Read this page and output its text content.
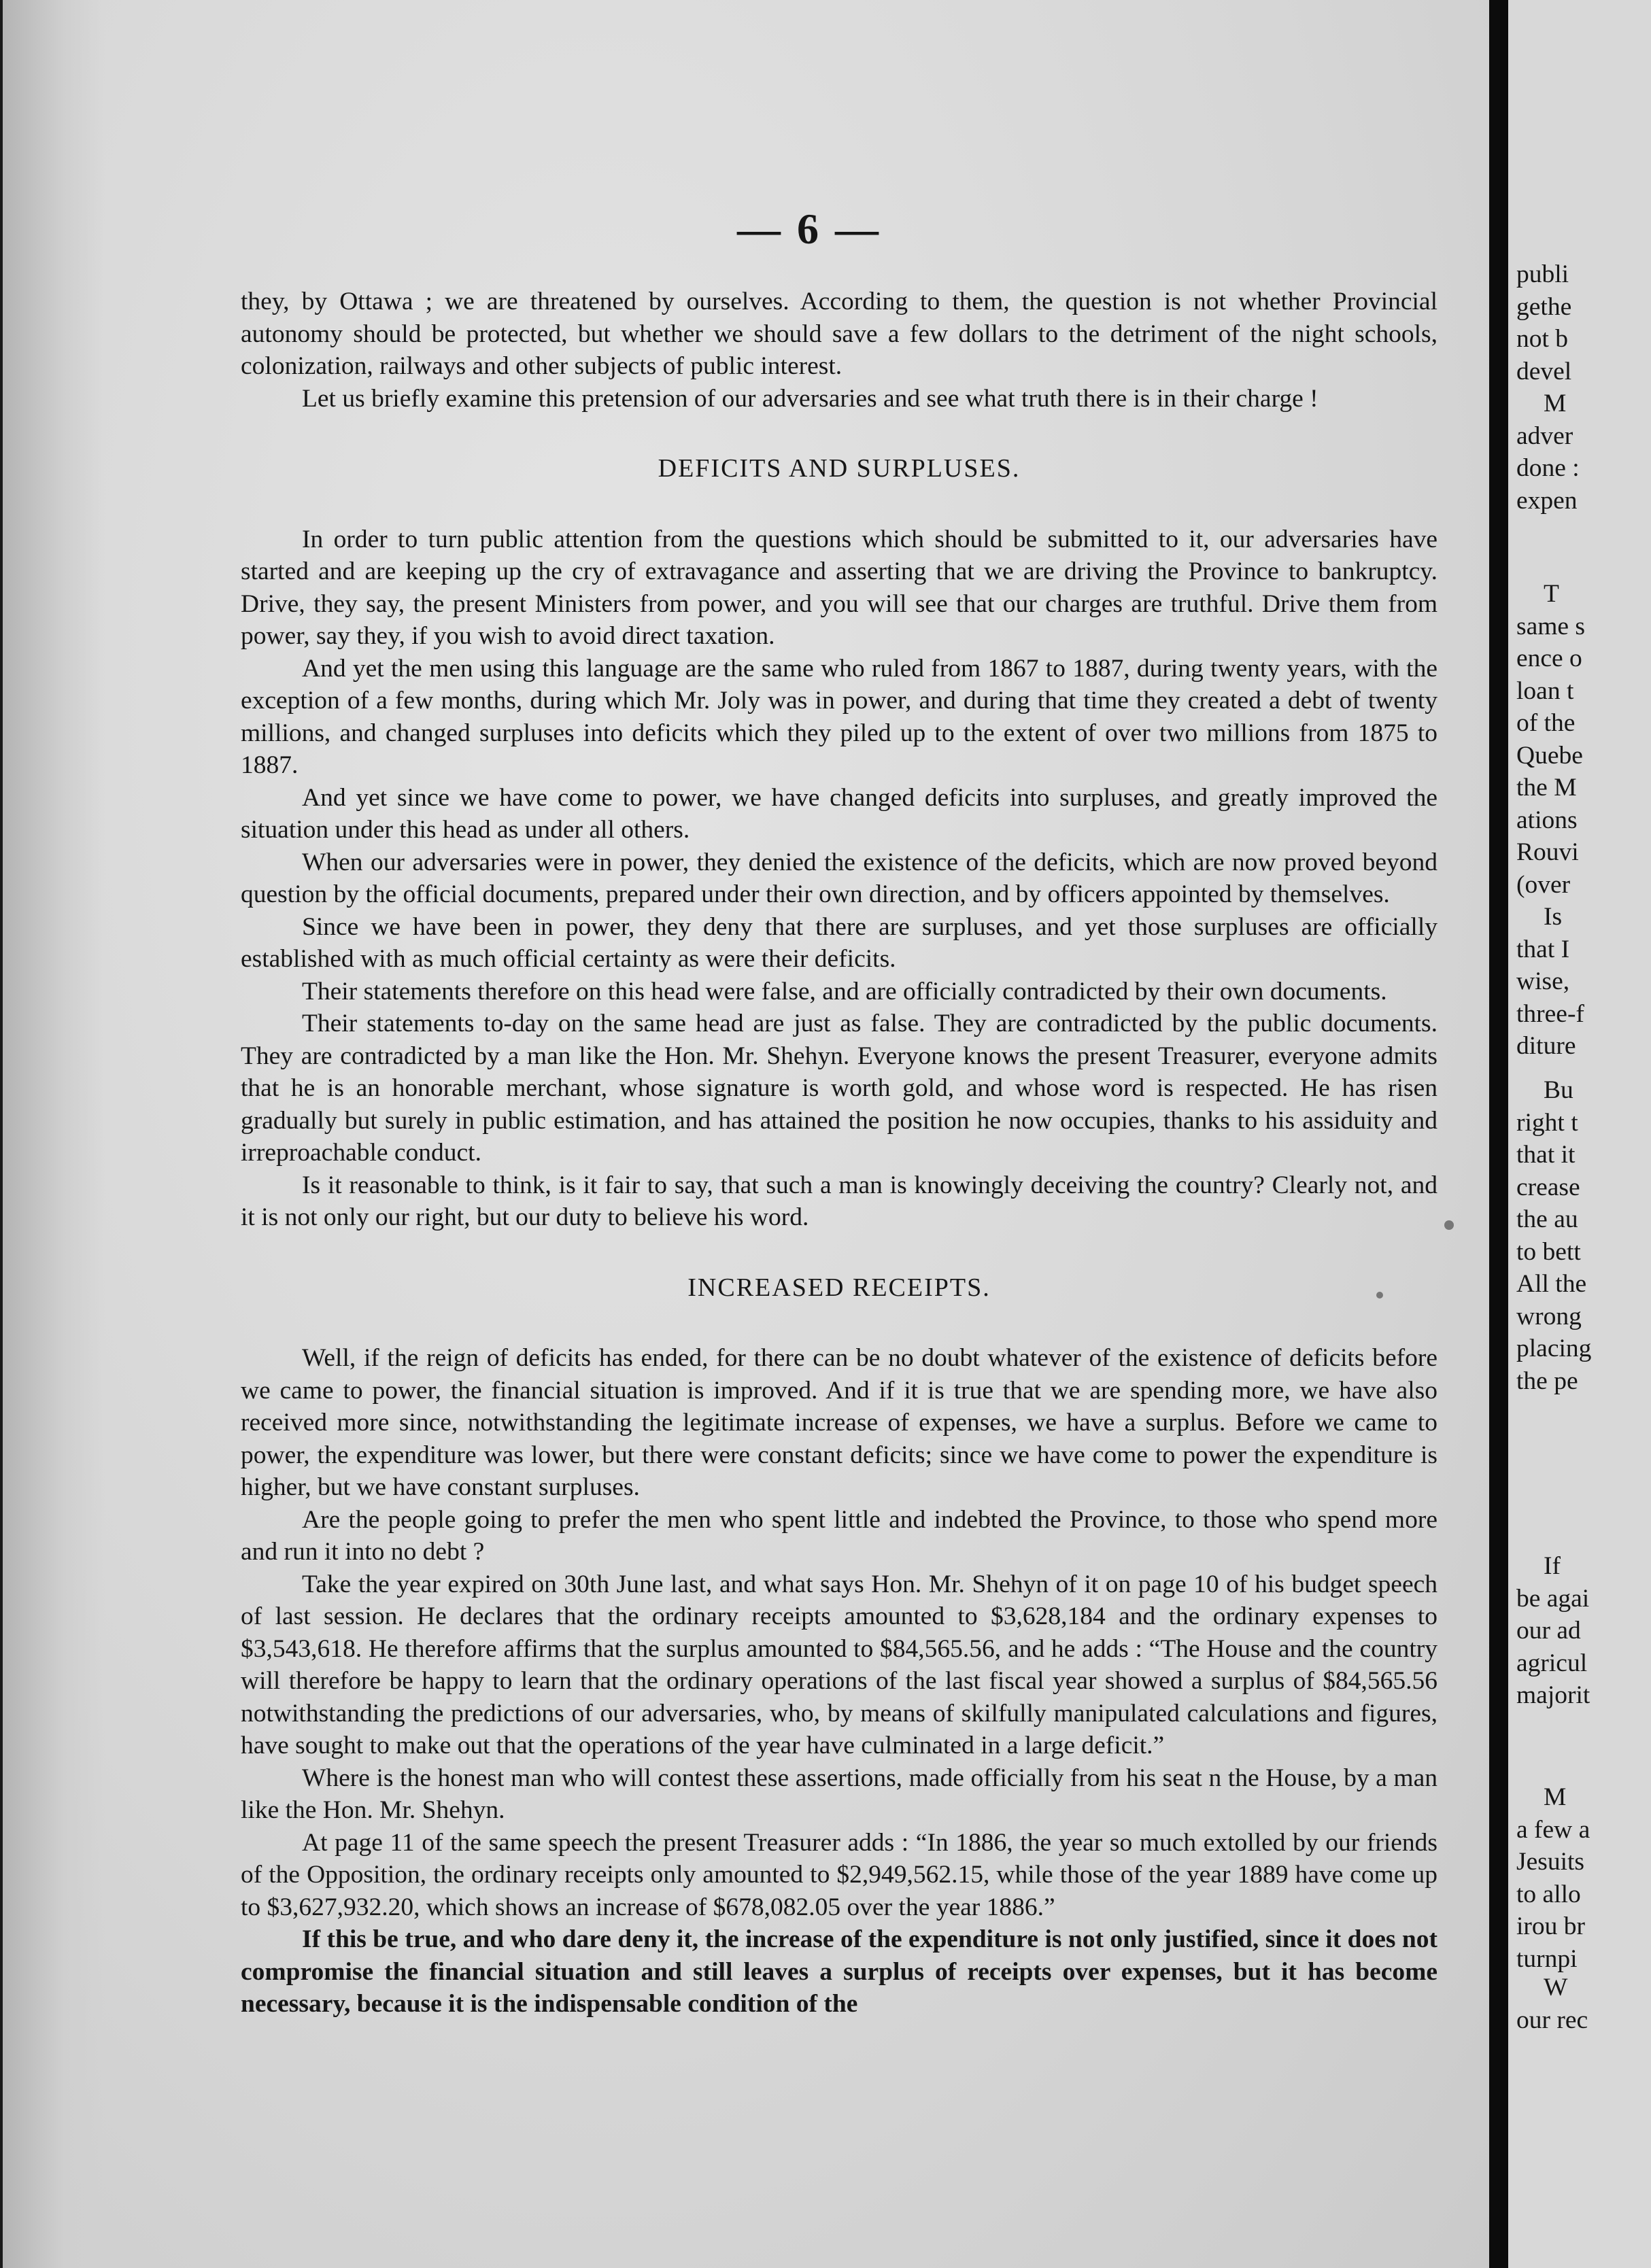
— 6 —

they, by Ottawa ; we are threatened by ourselves. According to them, the question is not whether Provincial autonomy should be protected, but whether we should save a few dollars to the detriment of the night schools, colonization, railways and other subjects of public interest.

Let us briefly examine this pretension of our adversaries and see what truth there is in their charge !

DEFICITS AND SURPLUSES.

In order to turn public attention from the questions which should be submitted to it, our adversaries have started and are keeping up the cry of extravagance and asserting that we are driving the Province to bankruptcy. Drive, they say, the present Ministers from power, and you will see that our charges are truthful. Drive them from power, say they, if you wish to avoid direct taxation.

And yet the men using this language are the same who ruled from 1867 to 1887, during twenty years, with the exception of a few months, during which Mr. Joly was in power, and during that time they created a debt of twenty millions, and changed surpluses into deficits which they piled up to the extent of over two millions from 1875 to 1887.

And yet since we have come to power, we have changed deficits into surpluses, and greatly improved the situation under this head as under all others.

When our adversaries were in power, they denied the existence of the deficits, which are now proved beyond question by the official documents, prepared under their own direction, and by officers appointed by themselves.

Since we have been in power, they deny that there are surpluses, and yet those surpluses are officially established with as much official certainty as were their deficits.

Their statements therefore on this head were false, and are officially contradicted by their own documents.

Their statements to-day on the same head are just as false. They are contradicted by the public documents. They are contradicted by a man like the Hon. Mr. Shehyn. Everyone knows the present Treasurer, everyone admits that he is an honorable merchant, whose signature is worth gold, and whose word is respected. He has risen gradually but surely in public estimation, and has attained the position he now occupies, thanks to his assiduity and irreproachable conduct.

Is it reasonable to think, is it fair to say, that such a man is knowingly deceiving the country? Clearly not, and it is not only our right, but our duty to believe his word.

INCREASED RECEIPTS.

Well, if the reign of deficits has ended, for there can be no doubt whatever of the existence of deficits before we came to power, the financial situation is improved. And if it is true that we are spending more, we have also received more since, notwithstanding the legitimate increase of expenses, we have a surplus. Before we came to power, the expenditure was lower, but there were constant deficits; since we have come to power the expenditure is higher, but we have constant surpluses.

Are the people going to prefer the men who spent little and indebted the Province, to those who spend more and run it into no debt ?

Take the year expired on 30th June last, and what says Hon. Mr. Shehyn of it on page 10 of his budget speech of last session. He declares that the ordinary receipts amounted to $3,628,184 and the ordinary expenses to $3,543,618. He therefore affirms that the surplus amounted to $84,565.56, and he adds : “The House and the country will therefore be happy to learn that the ordinary operations of the last fiscal year showed a surplus of $84,565.56 notwithstanding the predictions of our adversaries, who, by means of skilfully manipulated calculations and figures, have sought to make out that the operations of the year have culminated in a large deficit.”

Where is the honest man who will contest these assertions, made officially from his seat n the House, by a man like the Hon. Mr. Shehyn.

At page 11 of the same speech the present Treasurer adds : “In 1886, the year so much extolled by our friends of the Opposition, the ordinary receipts only amounted to $2,949,562.15, while those of the year 1889 have come up to $3,627,932.20, which shows an increase of $678,082.05 over the year 1886.”

If this be true, and who dare deny it, the increase of the expenditure is not only justified, since it does not compromise the financial situation and still leaves a surplus of receipts over expenses, but it has become necessary, because it is the indispensable condition of the

publi
gethe
not b
devel
M
adver
done :
expen
T
same s
ence o
loan t
of the
Quebe
the M
ations
Rouvi
(over
Is
that I
wise,
three-f
diture
Bu
right t
that it
crease
the au
to bett
All the
wrong
placing
the pe
If
be agai
our ad
agricul
majorit
M
a few a
Jesuits
to allo
irou br
turnpi
W
our rec
